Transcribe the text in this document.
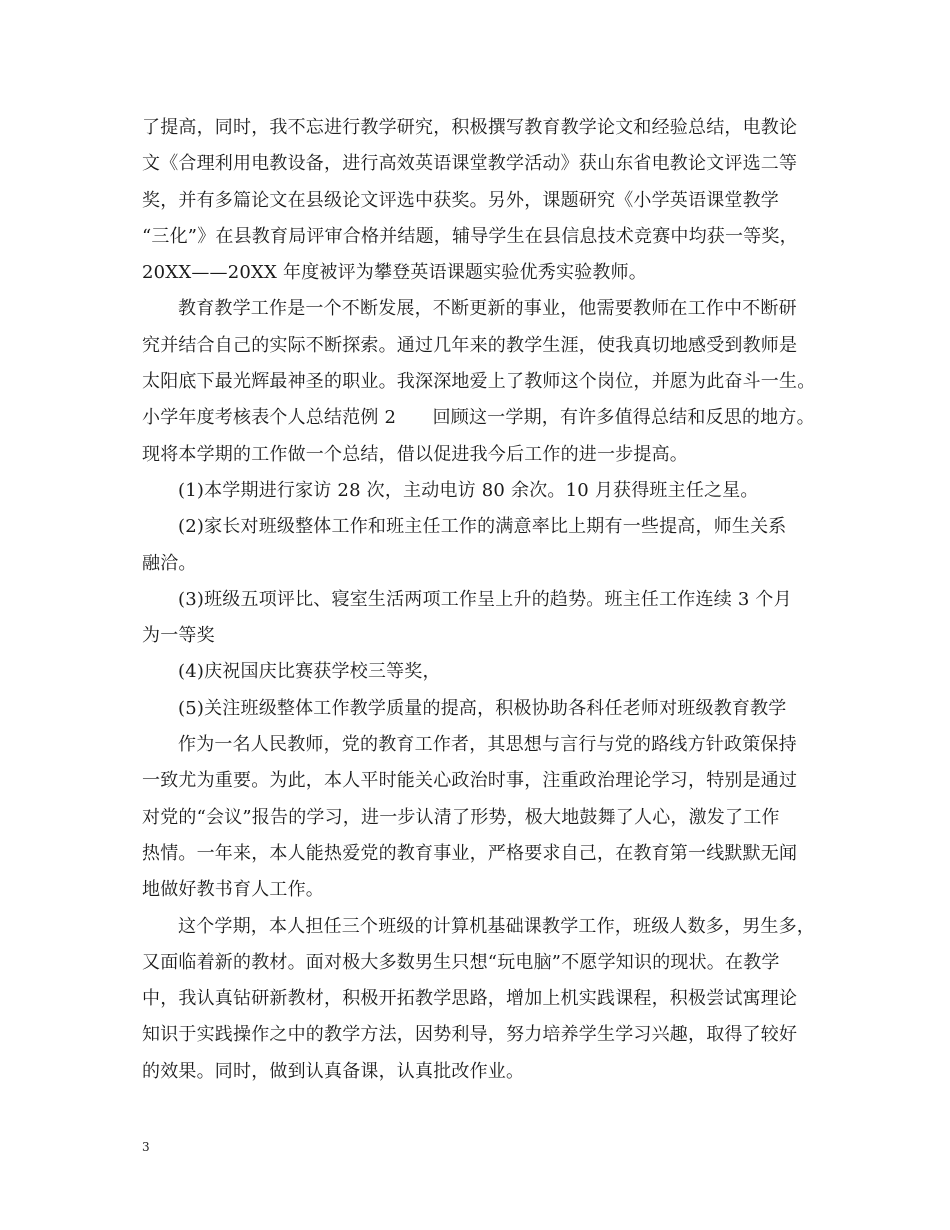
了提高，同时，我不忘进行教学研究，积极撰写教育教学论文和经验总结，电教论
文《合理利用电教设备，进行高效英语课堂教学活动》获山东省电教论文评选二等
奖，并有多篇论文在县级论文评选中获奖。另外，课题研究《小学英语课堂教学
“三化”》在县教育局评审合格并结题，辅导学生在县信息技术竞赛中均获一等奖，
20XX——20XX 年度被评为攀登英语课题实验优秀实验教师。
教育教学工作是一个不断发展，不断更新的事业，他需要教师在工作中不断研
究并结合自己的实际不断探索。通过几年来的教学生涯，使我真切地感受到教师是
太阳底下最光辉最神圣的职业。我深深地爱上了教师这个岗位，并愿为此奋斗一生。
小学年度考核表个人总结范例 2　　回顾这一学期，有许多值得总结和反思的地方。
现将本学期的工作做一个总结，借以促进我今后工作的进一步提高。
(1)本学期进行家访 28 次，主动电访 80 余次。10 月获得班主任之星。
(2)家长对班级整体工作和班主任工作的满意率比上期有一些提高，师生关系
融洽。
(3)班级五项评比、寝室生活两项工作呈上升的趋势。班主任工作连续 3 个月
为一等奖
(4)庆祝国庆比赛获学校三等奖，
(5)关注班级整体工作教学质量的提高，积极协助各科任老师对班级教育教学
作为一名人民教师，党的教育工作者，其思想与言行与党的路线方针政策保持
一致尤为重要。为此，本人平时能关心政治时事，注重政治理论学习，特别是通过
对党的“会议”报告的学习，进一步认清了形势，极大地鼓舞了人心，激发了工作
热情。一年来，本人能热爱党的教育事业，严格要求自己，在教育第一线默默无闻
地做好教书育人工作。
这个学期，本人担任三个班级的计算机基础课教学工作，班级人数多，男生多，
又面临着新的教材。面对极大多数男生只想“玩电脑”不愿学知识的现状。在教学
中，我认真钻研新教材，积极开拓教学思路，增加上机实践课程，积极尝试寓理论
知识于实践操作之中的教学方法，因势利导，努力培养学生学习兴趣，取得了较好
的效果。同时，做到认真备课，认真批改作业。
3
